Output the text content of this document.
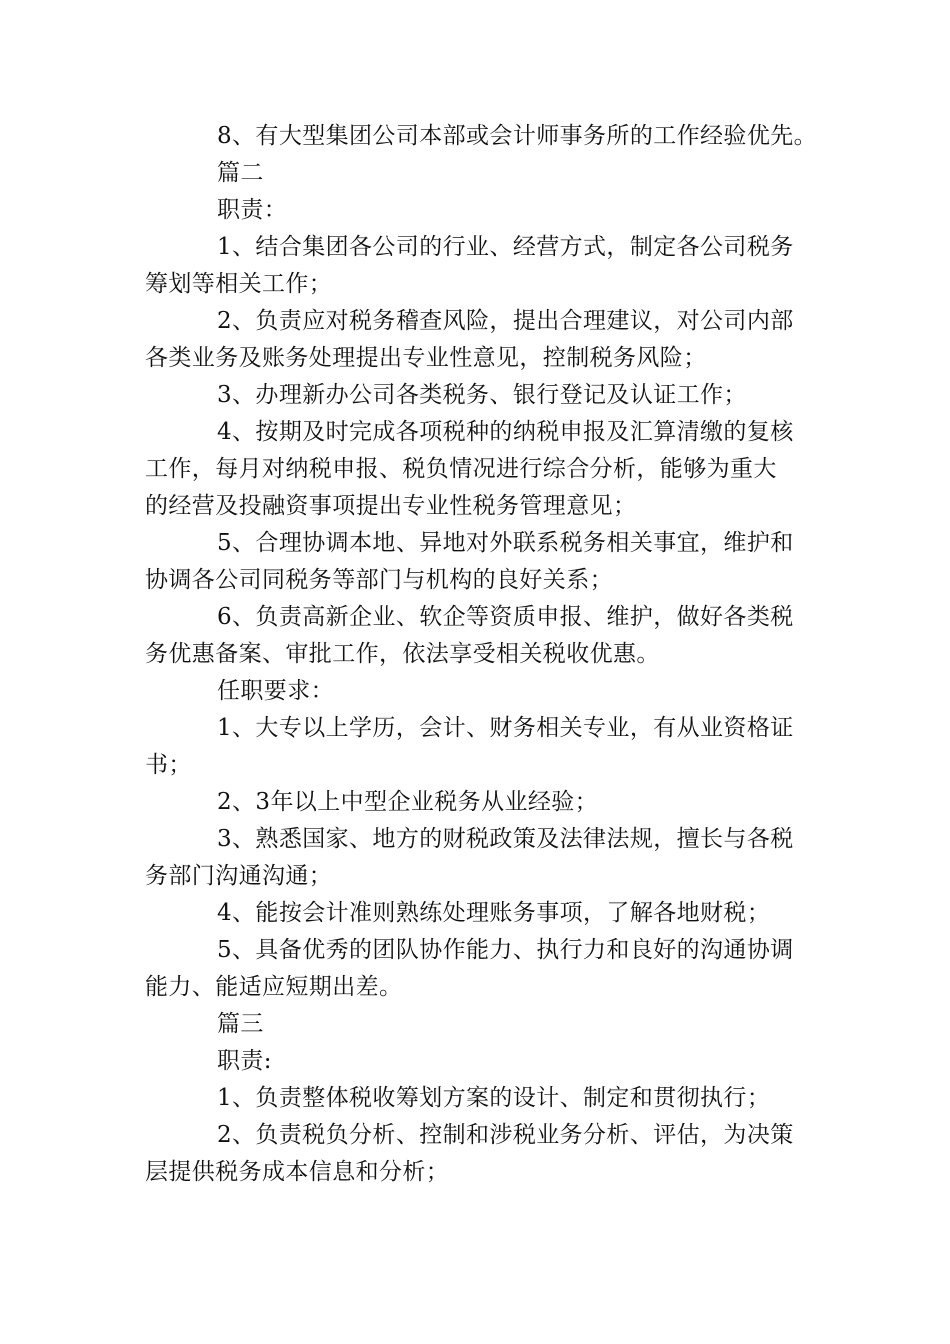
8、有大型集团公司本部或会计师事务所的工作经验优先。
篇二
职责：
1、结合集团各公司的行业、经营方式，制定各公司税务
筹划等相关工作；
2、负责应对税务稽查风险，提出合理建议，对公司内部
各类业务及账务处理提出专业性意见，控制税务风险；
3、办理新办公司各类税务、银行登记及认证工作；
4、按期及时完成各项税种的纳税申报及汇算清缴的复核
工作，每月对纳税申报、税负情况进行综合分析，能够为重大
的经营及投融资事项提出专业性税务管理意见；
5、合理协调本地、异地对外联系税务相关事宜，维护和
协调各公司同税务等部门与机构的良好关系；
6、负责高新企业、软企等资质申报、维护，做好各类税
务优惠备案、审批工作，依法享受相关税收优惠。
任职要求：
1、大专以上学历，会计、财务相关专业，有从业资格证
书；
2、3年以上中型企业税务从业经验；
3、熟悉国家、地方的财税政策及法律法规，擅长与各税
务部门沟通沟通；
4、能按会计准则熟练处理账务事项，了解各地财税；
5、具备优秀的团队协作能力、执行力和良好的沟通协调
能力、能适应短期出差。
篇三
职责:
1、负责整体税收筹划方案的设计、制定和贯彻执行；
2、负责税负分析、控制和涉税业务分析、评估，为决策
层提供税务成本信息和分析；
